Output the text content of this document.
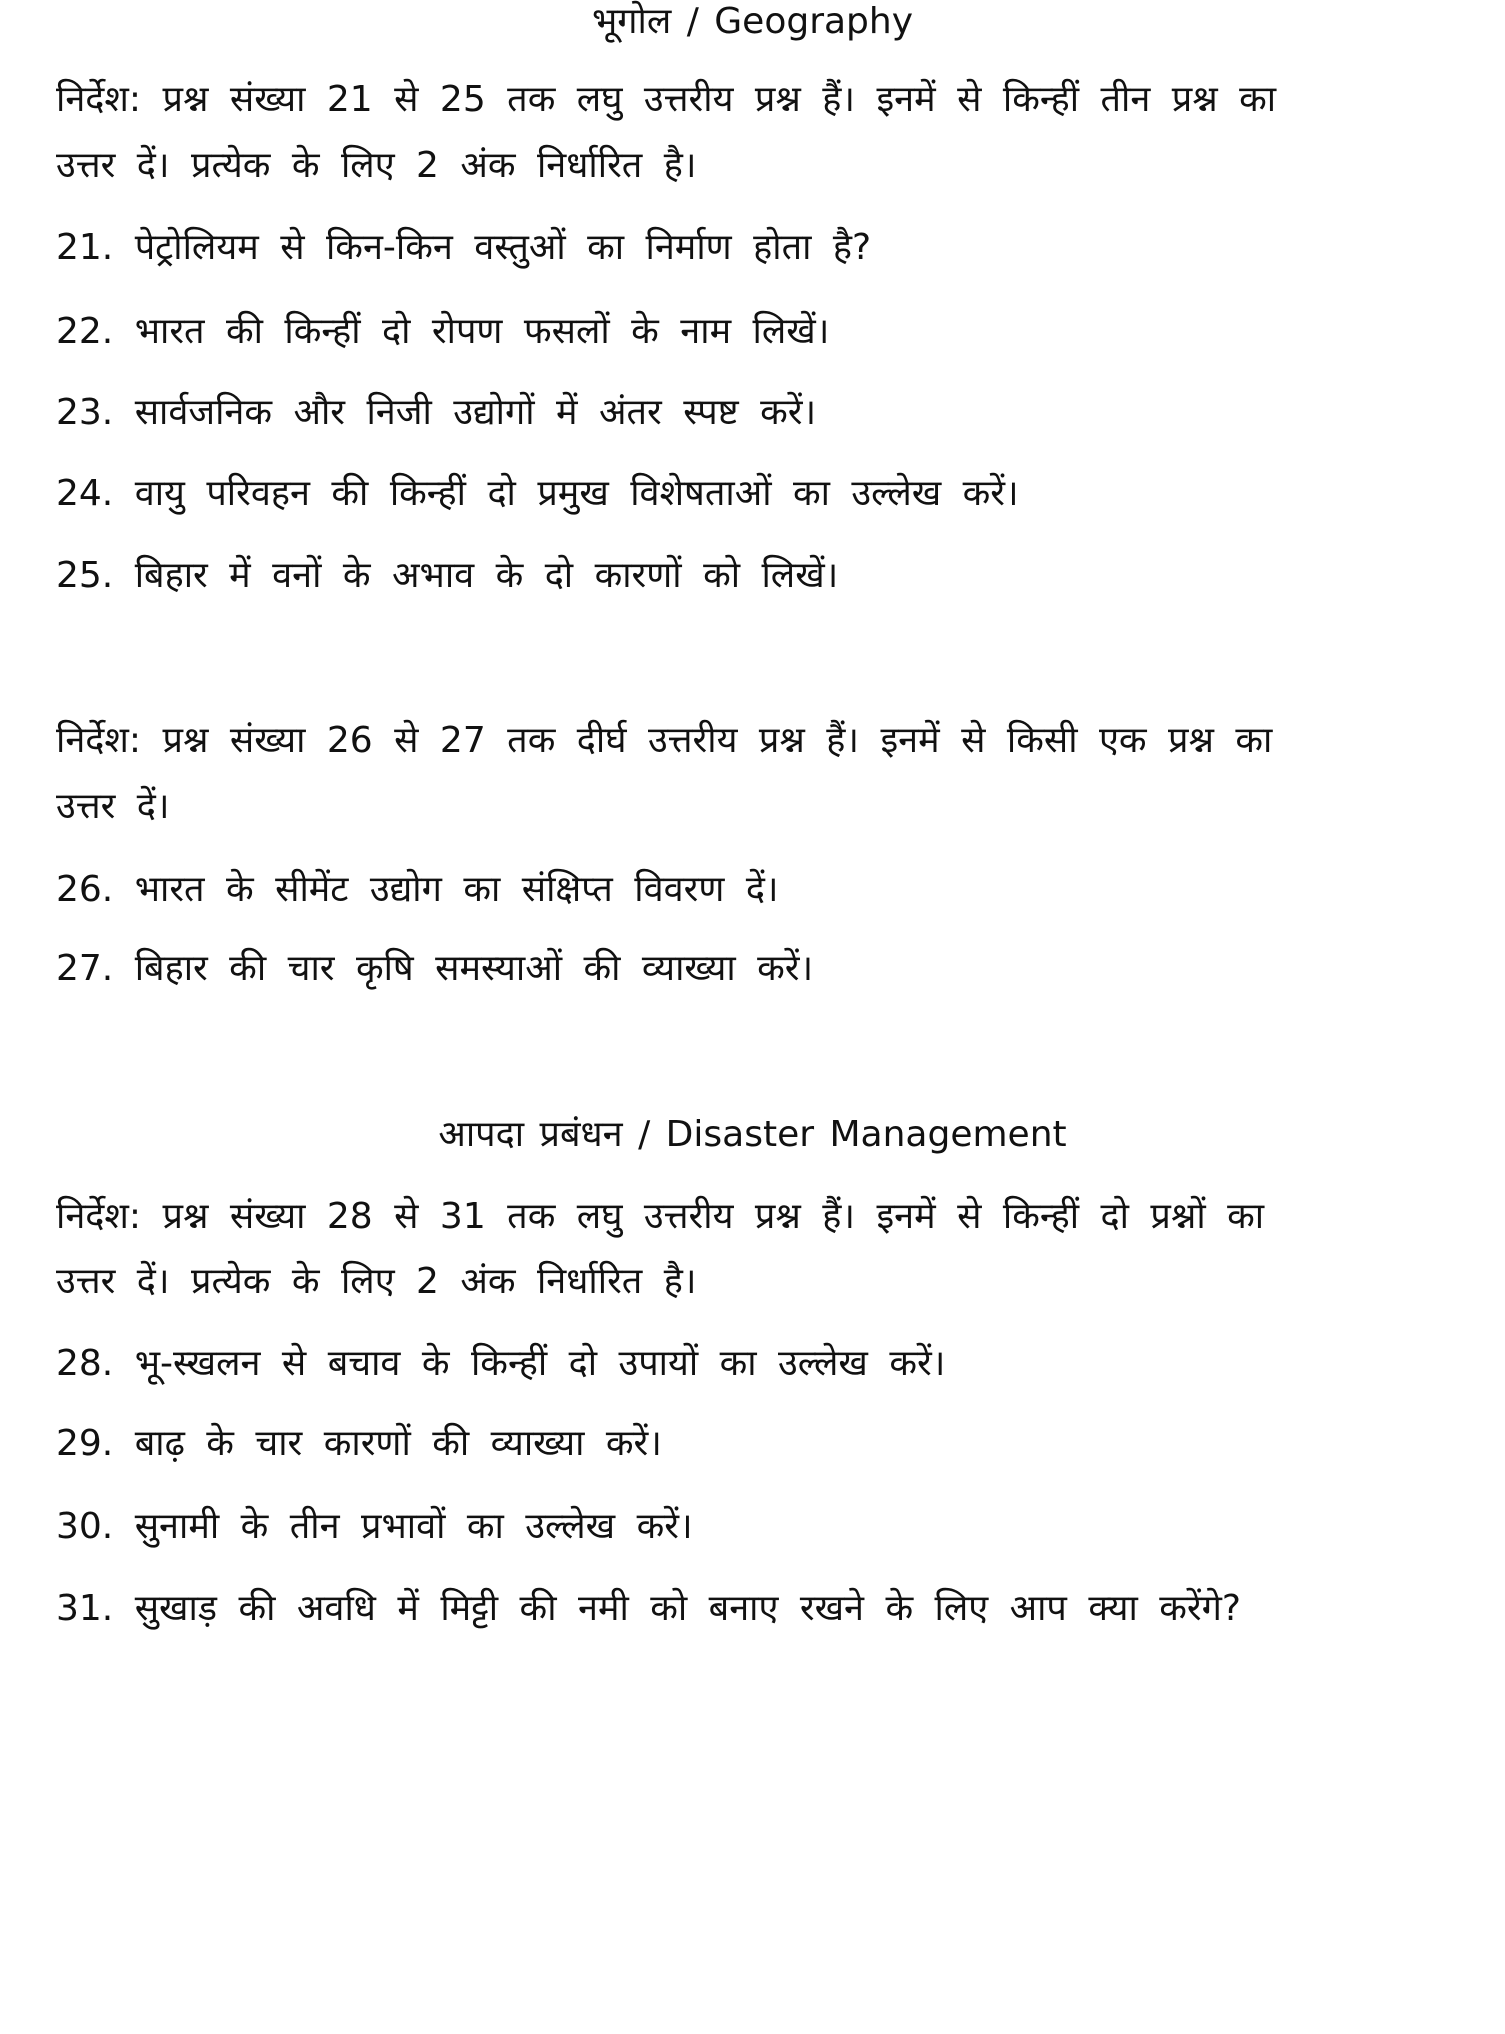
भूगोल / Geography
निर्देश: प्रश्न संख्या 21 से 25 तक लघु उत्तरीय प्रश्न हैं। इनमें से किन्हीं तीन प्रश्न का
उत्तर दें। प्रत्येक के लिए 2 अंक निर्धारित है।
21. पेट्रोलियम से किन-किन वस्तुओं का निर्माण होता है?
22. भारत की किन्हीं दो रोपण फसलों के नाम लिखें।
23. सार्वजनिक और निजी उद्योगों में अंतर स्पष्ट करें।
24. वायु परिवहन की किन्हीं दो प्रमुख विशेषताओं का उल्लेख करें।
25. बिहार में वनों के अभाव के दो कारणों को लिखें।
निर्देश: प्रश्न संख्या 26 से 27 तक दीर्घ उत्तरीय प्रश्न हैं। इनमें से किसी एक प्रश्न का
उत्तर दें।
26. भारत के सीमेंट उद्योग का संक्षिप्त विवरण दें।
27. बिहार की चार कृषि समस्याओं की व्याख्या करें।
आपदा प्रबंधन / Disaster Management
निर्देश: प्रश्न संख्या 28 से 31 तक लघु उत्तरीय प्रश्न हैं। इनमें से किन्हीं दो प्रश्नों का
उत्तर दें। प्रत्येक के लिए 2 अंक निर्धारित है।
28. भू-स्खलन से बचाव के किन्हीं दो उपायों का उल्लेख करें।
29. बाढ़ के चार कारणों की व्याख्या करें।
30. सुनामी के तीन प्रभावों का उल्लेख करें।
31. सुखाड़ की अवधि में मिट्टी की नमी को बनाए रखने के लिए आप क्या करेंगे?
